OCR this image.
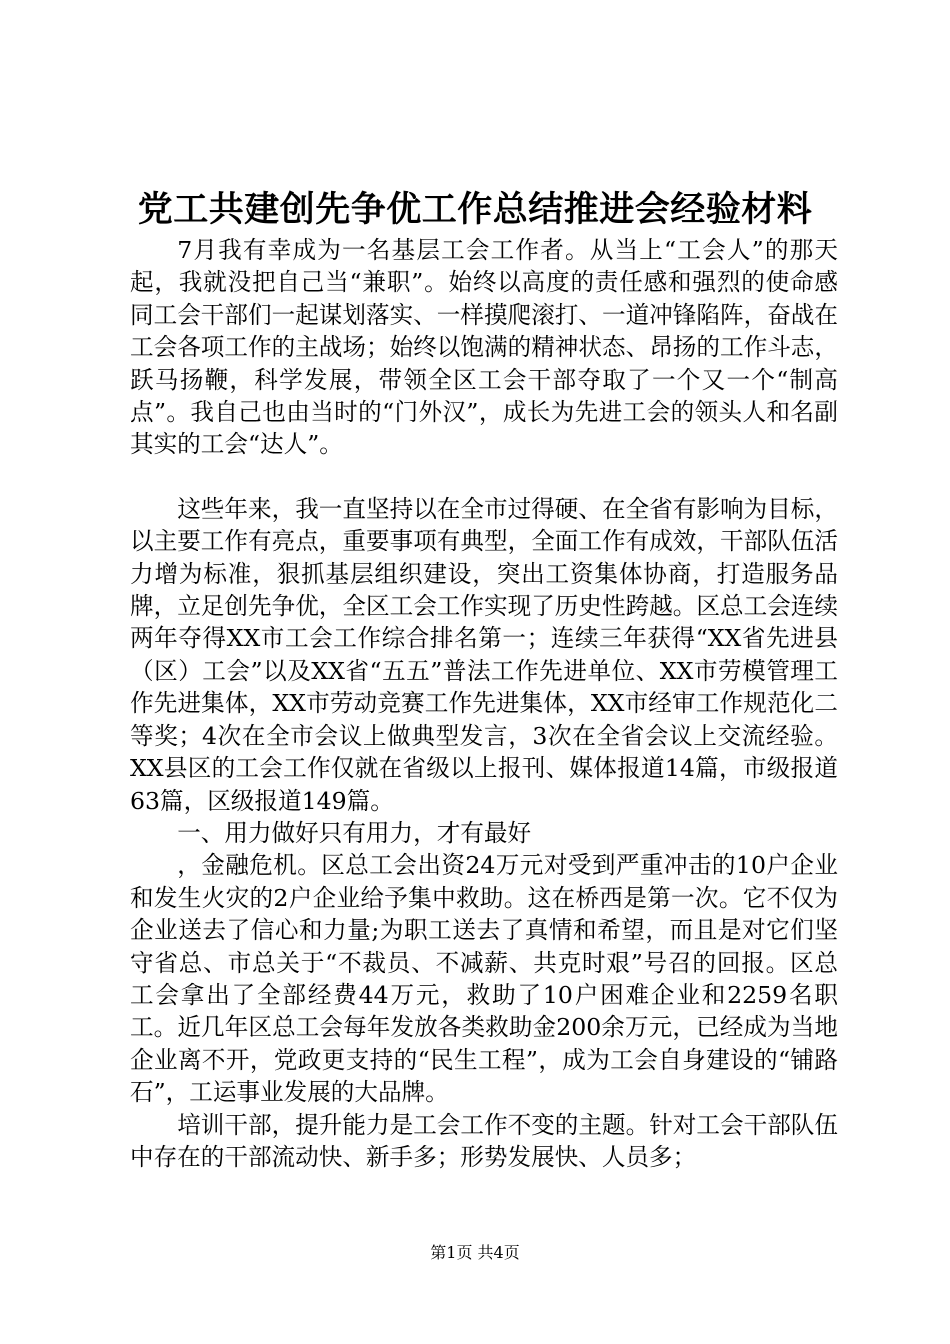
党工共建创先争优工作总结推进会经验材料

7月我有幸成为一名基层工会工作者。从当上“工会人”的那天起，我就没把自己当“兼职”。始终以高度的责任感和强烈的使命感同工会干部们一起谋划落实、一样摸爬滚打、一道冲锋陷阵，奋战在工会各项工作的主战场；始终以饱满的精神状态、昂扬的工作斗志，跃马扬鞭，科学发展，带领全区工会干部夺取了一个又一个“制高点”。我自己也由当时的“门外汉”，成长为先进工会的领头人和名副其实的工会“达人”。

这些年来，我一直坚持以在全市过得硬、在全省有影响为目标，以主要工作有亮点，重要事项有典型，全面工作有成效，干部队伍活力增为标准，狠抓基层组织建设，突出工资集体协商，打造服务品牌，立足创先争优，全区工会工作实现了历史性跨越。区总工会连续两年夺得XX市工会工作综合排名第一；连续三年获得“XX省先进县（区）工会”以及XX省“五五”普法工作先进单位、XX市劳模管理工作先进集体，XX市劳动竞赛工作先进集体，XX市经审工作规范化二等奖；4次在全市会议上做典型发言，3次在全省会议上交流经验。XX县区的工会工作仅就在省级以上报刊、媒体报道14篇，市级报道63篇，区级报道149篇。

一、用力做好只有用力，才有最好

，金融危机。区总工会出资24万元对受到严重冲击的10户企业和发生火灾的2户企业给予集中救助。这在桥西是第一次。它不仅为企业送去了信心和力量;为职工送去了真情和希望，而且是对它们坚守省总、市总关于“不裁员、不减薪、共克时艰”号召的回报。区总工会拿出了全部经费44万元，救助了10户困难企业和2259名职工。近几年区总工会每年发放各类救助金200余万元，已经成为当地企业离不开，党政更支持的“民生工程”，成为工会自身建设的“铺路石”，工运事业发展的大品牌。

培训干部，提升能力是工会工作不变的主题。针对工会干部队伍中存在的干部流动快、新手多；形势发展快、人员多；

第1页 共4页
